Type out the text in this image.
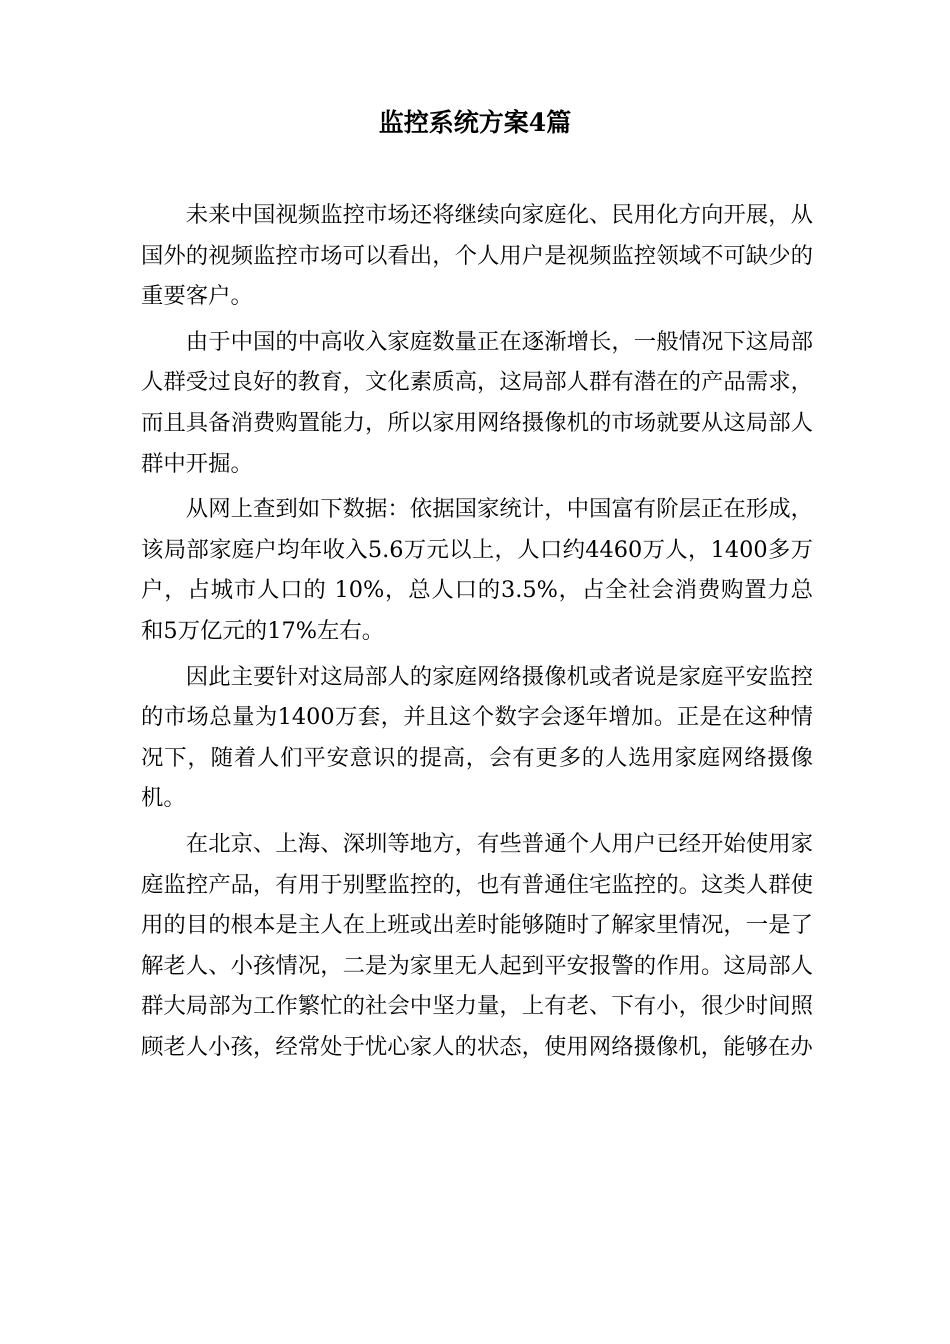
监控系统方案4篇

未来中国视频监控市场还将继续向家庭化、民用化方向开展，从国外的视频监控市场可以看出，个人用户是视频监控领域不可缺少的重要客户。

由于中国的中高收入家庭数量正在逐渐增长，一般情况下这局部人群受过良好的教育，文化素质高，这局部人群有潜在的产品需求，而且具备消费购置能力，所以家用网络摄像机的市场就要从这局部人群中开掘。

从网上查到如下数据：依据国家统计，中国富有阶层正在形成，该局部家庭户均年收入5.6万元以上，人口约4460万人，1400多万户，占城市人口的 10%，总人口的3.5%，占全社会消费购置力总和5万亿元的17%左右。

因此主要针对这局部人的家庭网络摄像机或者说是家庭平安监控的市场总量为1400万套，并且这个数字会逐年增加。正是在这种情况下，随着人们平安意识的提高，会有更多的人选用家庭网络摄像机。

在北京、上海、深圳等地方，有些普通个人用户已经开始使用家庭监控产品，有用于别墅监控的，也有普通住宅监控的。这类人群使用的目的根本是主人在上班或出差时能够随时了解家里情况，一是了解老人、小孩情况，二是为家里无人起到平安报警的作用。这局部人群大局部为工作繁忙的社会中坚力量，上有老、下有小，很少时间照顾老人小孩，经常处于忧心家人的状态，使用网络摄像机，能够在办
